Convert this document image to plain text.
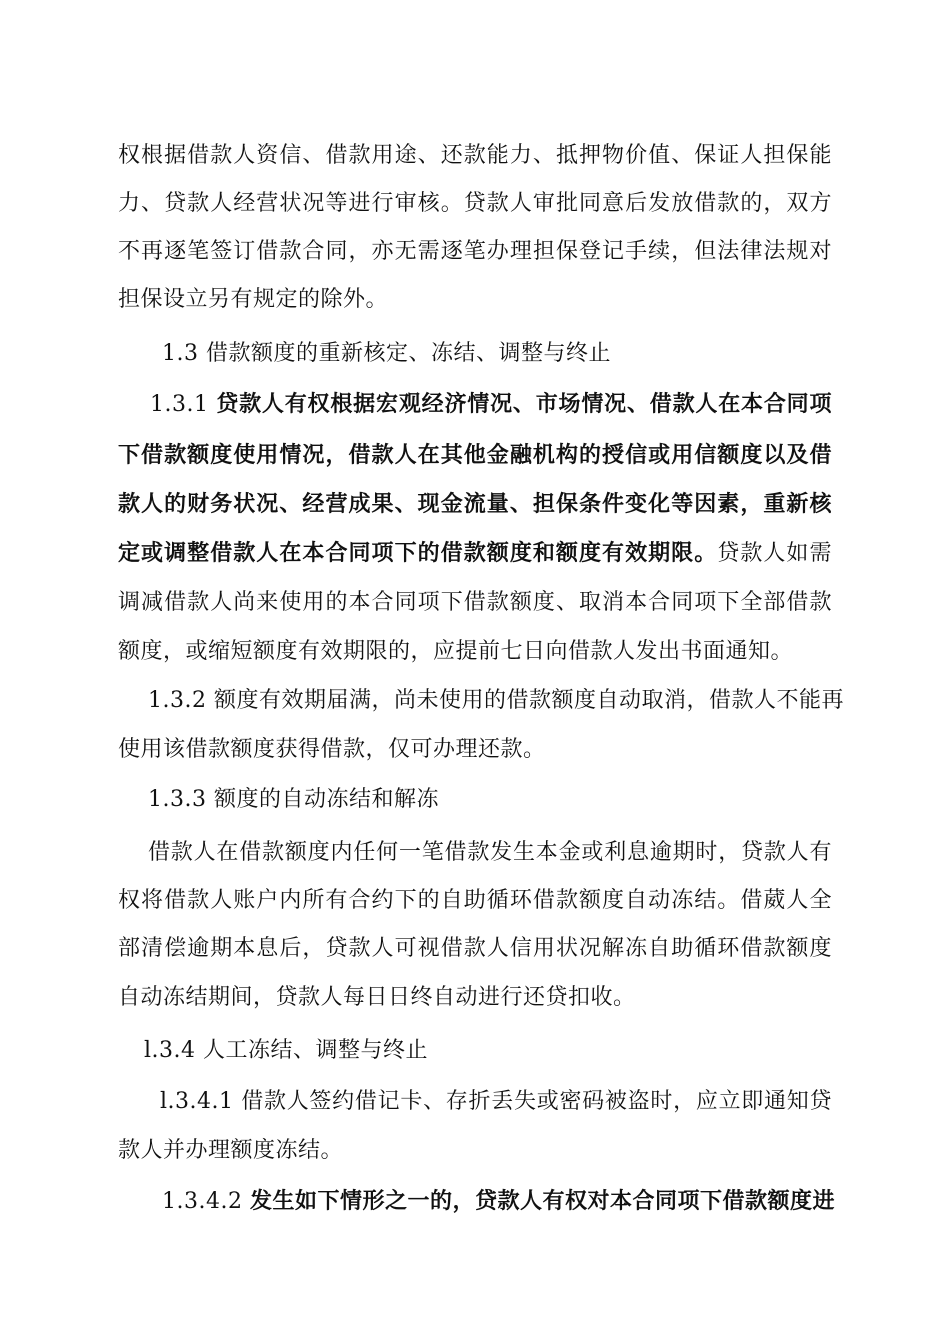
权根据借款人资信、借款用途、还款能力、抵押物价值、保证人担保能
力、贷款人经营状况等进行审核。贷款人审批同意后发放借款的，双方
不再逐笔签订借款合同，亦无需逐笔办理担保登记手续，但法律法规对
担保设立另有规定的除外。
1.3 借款额度的重新核定、冻结、调整与终止
1.3.1 贷款人有权根据宏观经济情况、市场情况、借款人在本合同项
下借款额度使用情况，借款人在其他金融机构的授信或用信额度以及借
款人的财务状况、经营成果、现金流量、担保条件变化等因素，重新核
定或调整借款人在本合同项下的借款额度和额度有效期限。贷款人如需
调减借款人尚来使用的本合同项下借款额度、取消本合同项下全部借款
额度，或缩短额度有效期限的，应提前七日向借款人发出书面通知。
1.3.2 额度有效期届满，尚未使用的借款额度自动取消，借款人不能再
使用该借款额度获得借款，仅可办理还款。
1.3.3 额度的自动冻结和解冻
借款人在借款额度内任何一笔借款发生本金或利息逾期时，贷款人有
权将借款人账户内所有合约下的自助循环借款额度自动冻结。借葳人全
部清偿逾期本息后，贷款人可视借款人信用状况解冻自助循环借款额度
自动冻结期间，贷款人每日日终自动进行还贷扣收。
l.3.4 人工冻结、调整与终止
l.3.4.1 借款人签约借记卡、存折丢失或密码被盗时，应立即通知贷
款人并办理额度冻结。
1.3.4.2 发生如下情形之一的，贷款人有权对本合同项下借款额度进
